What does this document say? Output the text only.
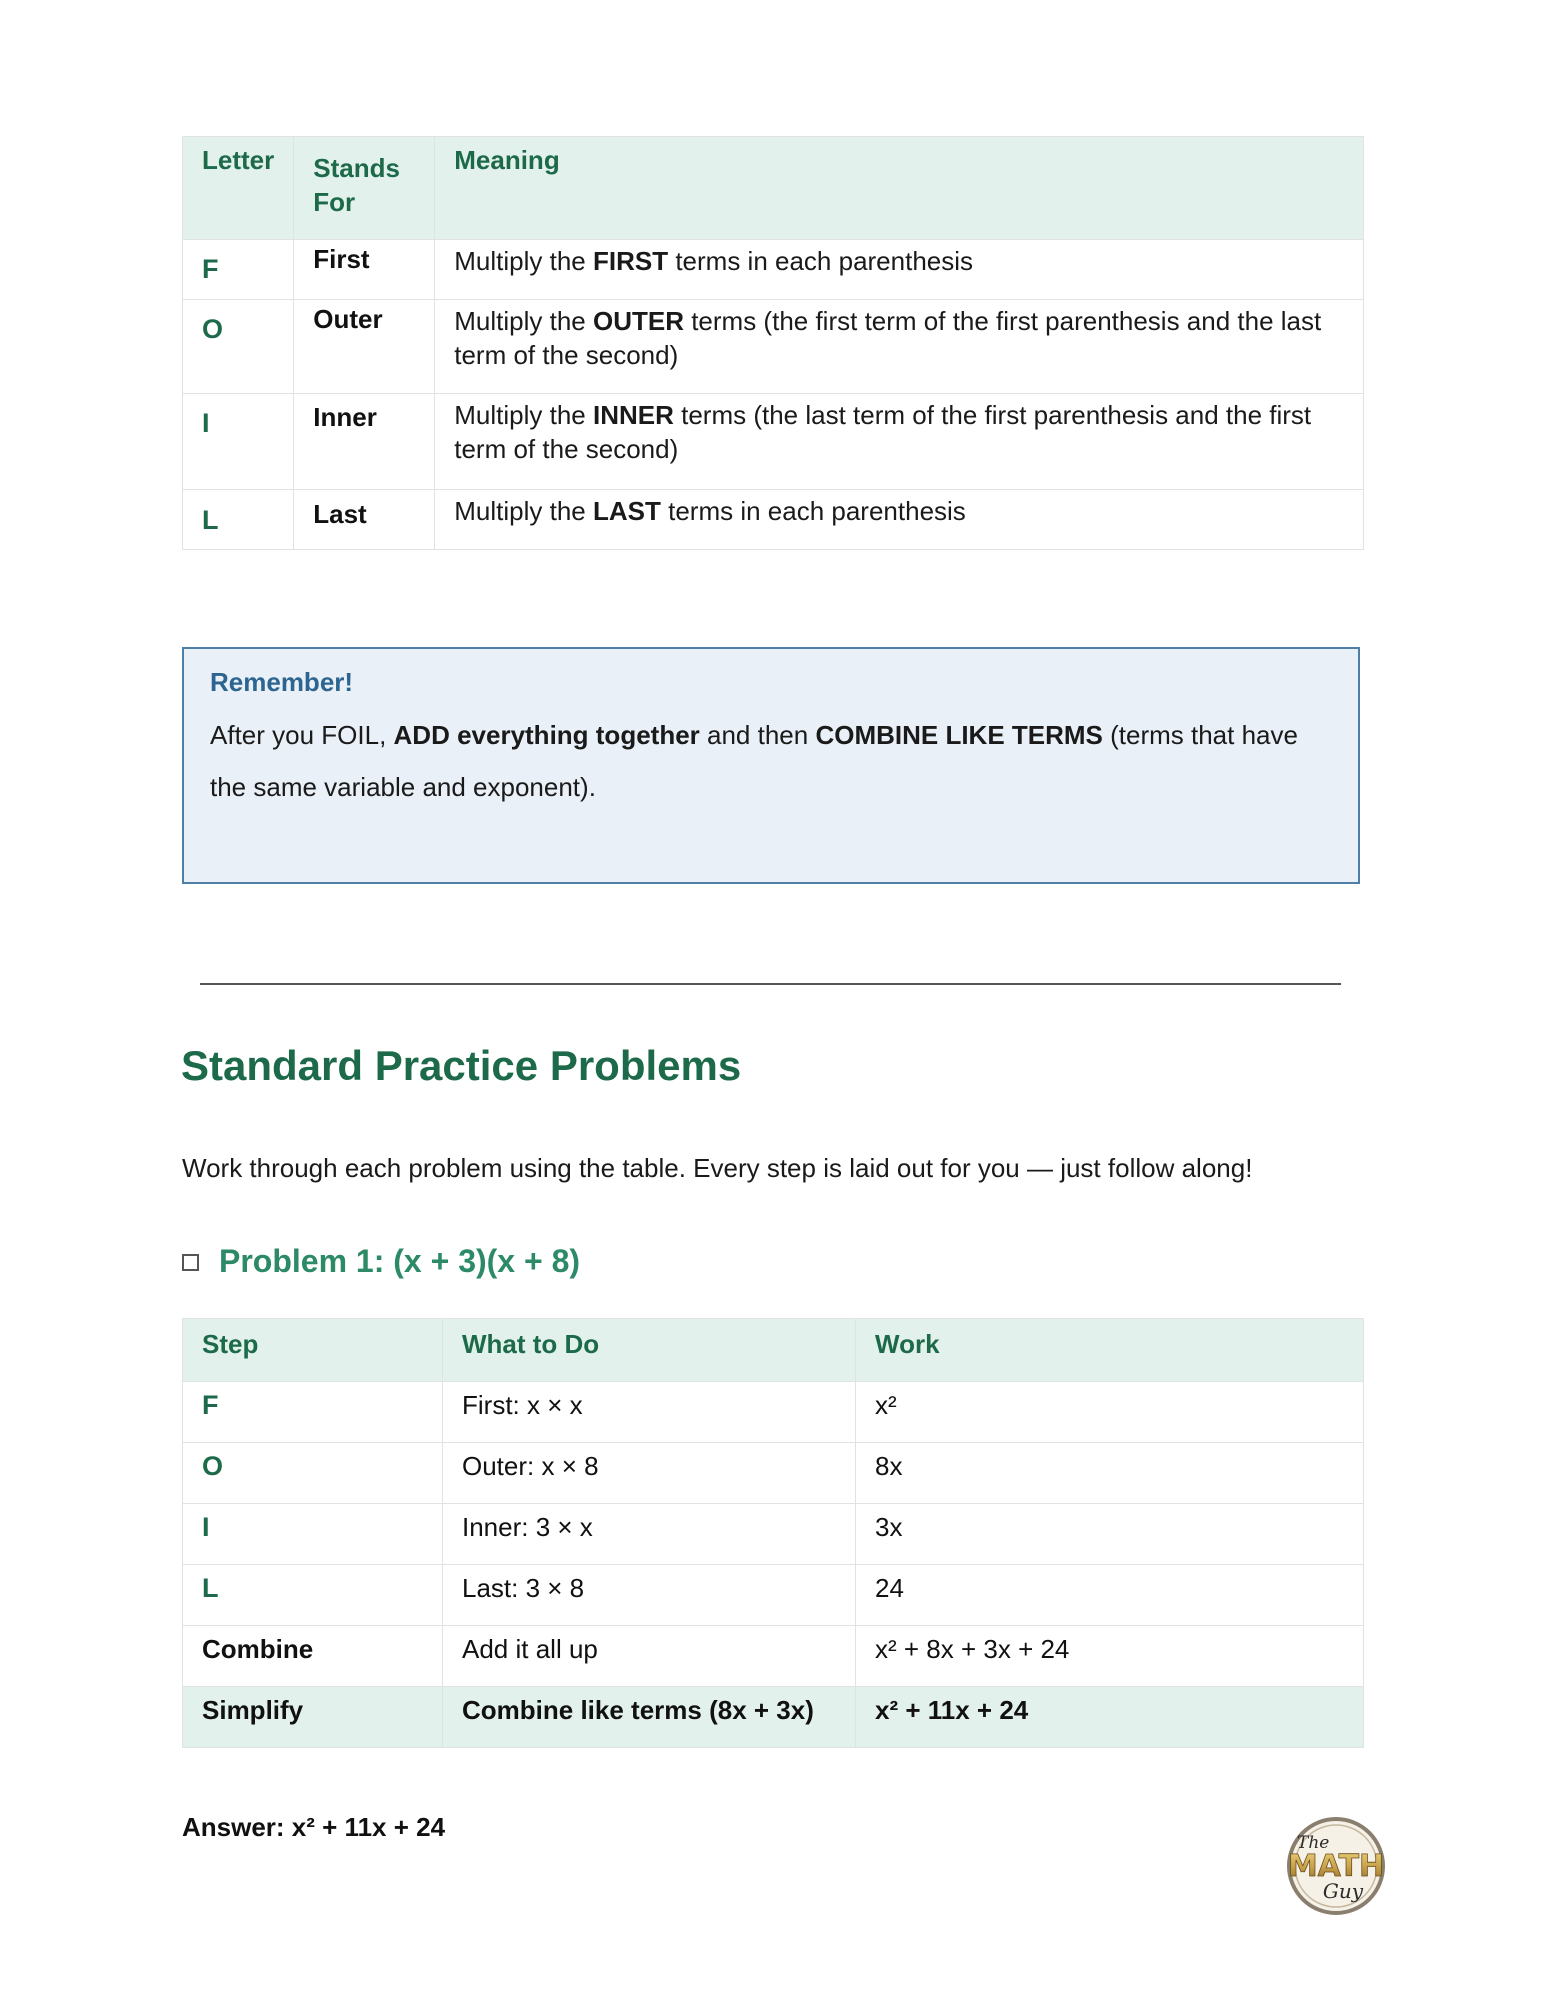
Letter	Stands For	Meaning
F	First	Multiply the FIRST terms in each parenthesis
O	Outer	Multiply the OUTER terms (the first term of the first parenthesis and the last term of the second)
I	Inner	Multiply the INNER terms (the last term of the first parenthesis and the first term of the second)
L	Last	Multiply the LAST terms in each parenthesis

Remember!

After you FOIL, ADD everything together and then COMBINE LIKE TERMS (terms that have the same variable and exponent).

Standard Practice Problems

Work through each problem using the table. Every step is laid out for you — just follow along!

Problem 1: (x + 3)(x + 8)
Step	What to Do	Work
F	First: x × x	x²
O	Outer: x × 8	8x
I	Inner: 3 × x	3x
L	Last: 3 × 8	24
Combine	Add it all up	x² + 8x + 3x + 24
Simplify	Combine like terms (8x + 3x)	x² + 11x + 24

Answer: x² + 11x + 24

The
MATH
Guy
